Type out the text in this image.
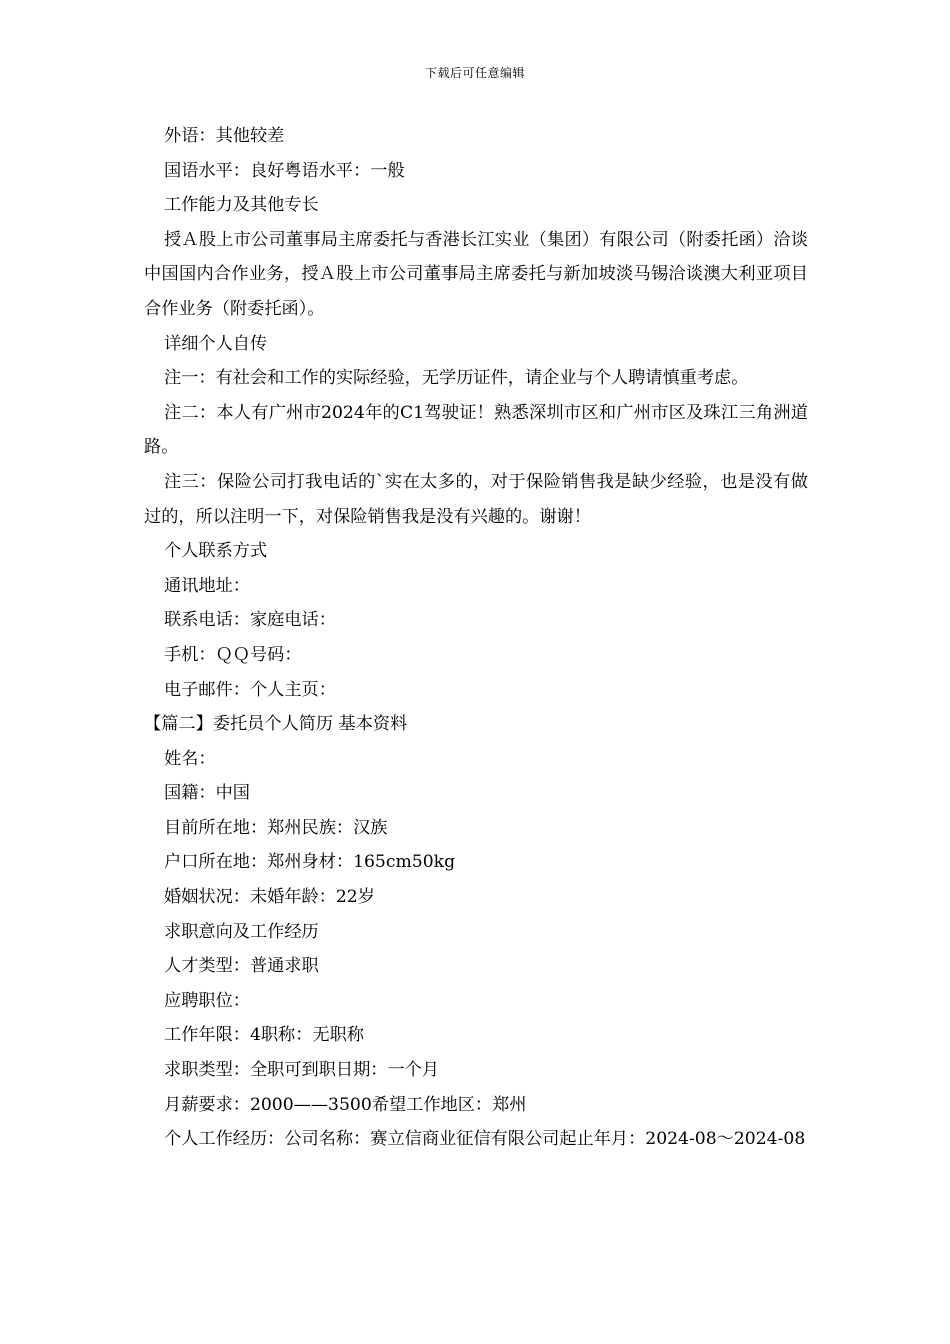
下载后可任意编辑

外语：其他较差

国语水平：良好粤语水平：一般

工作能力及其他专长

授Ａ股上市公司董事局主席委托与香港长江实业（集团）有限公司（附委托函）洽谈中国国内合作业务，授Ａ股上市公司董事局主席委托与新加坡淡马锡洽谈澳大利亚项目合作业务（附委托函）。

详细个人自传

注一：有社会和工作的实际经验，无学历证件，请企业与个人聘请慎重考虑。

注二：本人有广州市2024年的C1驾驶证！熟悉深圳市区和广州市区及珠江三角洲道路。

注三：保险公司打我电话的`实在太多的，对于保险销售我是缺少经验，也是没有做过的，所以注明一下，对保险销售我是没有兴趣的。谢谢！

个人联系方式

通讯地址：

联系电话：家庭电话：

手机：ＱＱ号码：

电子邮件：个人主页：

【篇二】委托员个人简历 基本资料

姓名：

国籍：中国

目前所在地：郑州民族：汉族

户口所在地：郑州身材：165cm50kg

婚姻状况：未婚年龄：22岁

求职意向及工作经历

人才类型：普通求职

应聘职位：

工作年限：4职称：无职称

求职类型：全职可到职日期：一个月

月薪要求：2000——3500希望工作地区：郑州

个人工作经历：公司名称：赛立信商业征信有限公司起止年月：2024-08～2024-08
